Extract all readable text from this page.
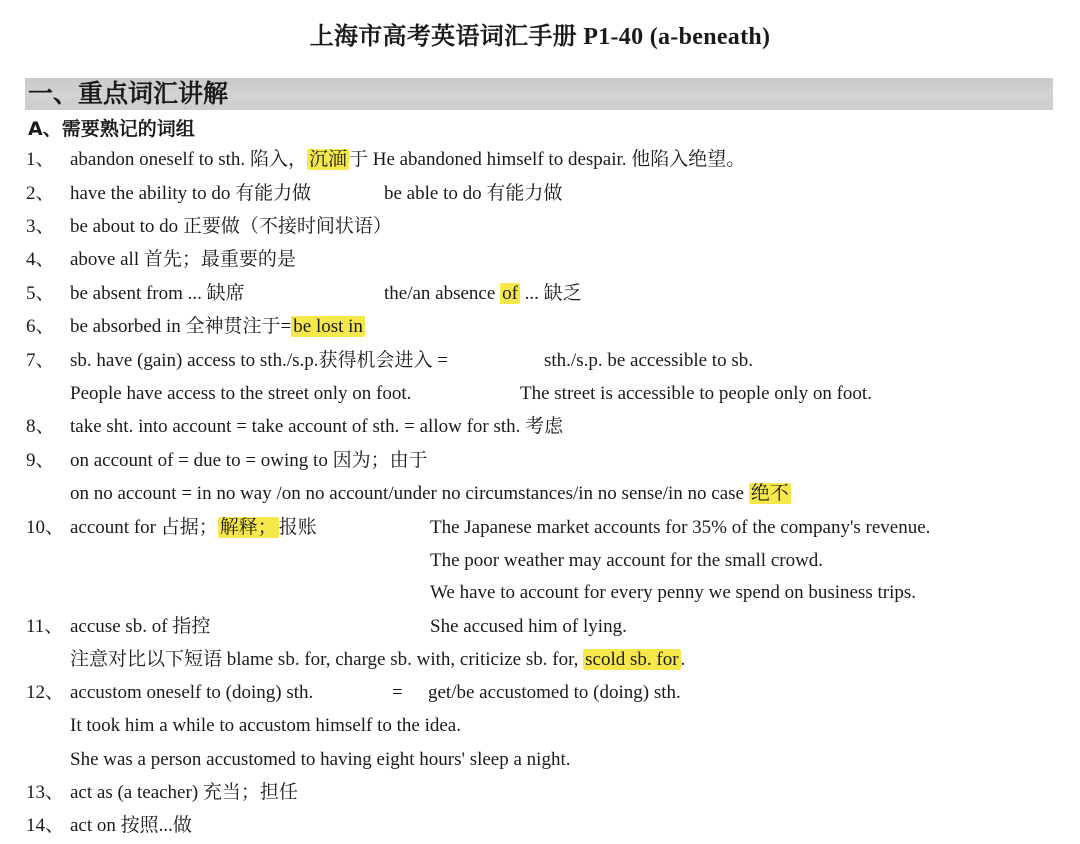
上海市高考英语词汇手册 P1-40 (a-beneath)
一、重点词汇讲解
A、需要熟记的词组
1、 abandon oneself to sth. 陷入， 沉湎 于 He abandoned himself to despair. 他陷入绝望。
2、 have the ability to do 有能力做	be able to do 有能力做
3、 be about to do 正要做（不接时间状语）
4、 above all 首先；最重要的是
5、 be absent from ... 缺席	the/an absence of ... 缺乏
6、 be absorbed in 全神贯注于= be lost in
7、 sb. have (gain) access to sth./s.p.获得机会进入 =	sth./s.p. be accessible to sb.
People have access to the street only on foot.	The street is accessible to people only on foot.
8、 take sht. into account = take account of sth. = allow for sth. 考虑
9、 on account of = due to = owing to 因为；由于
on no account = in no way /on no account/under no circumstances/in no sense/in no case 绝不
10、 account for 占据； 解释； 报账	The Japanese market accounts for 35% of the company's revenue.
The poor weather may account for the small crowd.
We have to account for every penny we spend on business trips.
11、 accuse sb. of 指控	She accused him of lying.
注意对比以下短语 blame sb. for, charge sb. with, criticize sb. for, scold sb. for .
12、 accustom oneself to (doing) sth.	= get/be accustomed to (doing) sth.
It took him a while to accustom himself to the idea.
She was a person accustomed to having eight hours' sleep a night.
13、 act as (a teacher) 充当；担任
14、 act on 按照...做
